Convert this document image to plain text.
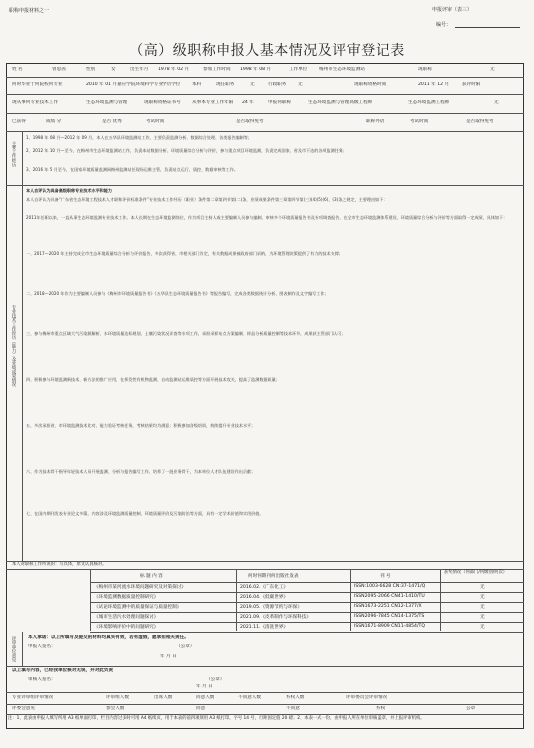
职称申报材料之一	申报评审（表三）
编号：
（高）级职称申报人基本情况及评审登记表
姓 名	曾思茜	性别	女	出生年月 1978 年 02 月	参加工作时间 1998 年 08 月	工作单位	梅州市生态环境监测站	现职称	无
何时毕业于何院校何专业	2010 年 01 月嘉应学院环境科学专业
学历学位	本科	现任职务	无	行政职务	无	现职称资格时间	2011 年 12 月	获评时限
现从事何专业技术工作	生态环境监测与管理	现职称资格证书号 从事本专业工作年限 24 年	申报何职称	生态环境监测与管理高级工程师	生态环境监测工程师	无
已获得	成绩 分	是否 优秀	考试时间	是否取得免考	职称外语	考试时间	是否取得免考
主要工作经历
1、1998 年 08 月—2012 年 09 月，本人在五华县环境监测站工作，主要负责监测分析、数据综合处理、各类报告编制等；
2、2012 年 10 月—至今，在梅州市生态环境监测站工作，负责本站数据分析、环境质量综合分析与评价，参与重点项目环境监测，负责完成国家、省及市下达的各项监测任务；
3、2016 年 5 月至今，在国家环境质量监测网梅州监测站任现场运维主管，负责站点运行、质控、数据审核等工作。
专业技术工作经历（能力）及业绩成果情况
本人自评认为具备高级职称专业技术水平和能力
本人自评认为具备“广东省生态环境工程技术人才职称评价标准条件”专业技术工作经历（职业）条件第二章第四节第(二)条，业绩成果条件第三章第四节第(三)(4)(5)(6)、(3)条之规定，主要理由如下：
2011年任职以来，一直从事生态环境监测专业技术工作。本人长期在生态环境监测岗位，作为项目主持人或主要编制人员参与编制、审核多个环境质量报告书及专项调查报告，在全市生态环境监测体系建设、环境质量综合分析与评价等方面取得一定成绩，具体如下：
一、2017—2020 年主持完成全市生态环境质量综合分析与评价报告，多次获得省、市相关部门肯定，有关数据成果被政府部门采纳，为环境管理决策提供了有力的技术支撑；
二、2018—2020 年作为主要编制人员参与《梅州市环境质量报告书》《五华县生态环境质量报告书》等报告编写，完成各类数据统计分析、图表制作及文字编写工作；
三、参与梅州市重点区域大气污染源解析、水环境质量达标规划、土壤污染状况详查等专项工作，承担采样布点方案编制、样品分析质量控制等技术环节，成果获主管部门认可；
四、积极参与环境监测新技术、新方法的推广应用，在挥发性有机物监测、自动监测站运维质控等方面开展技术攻关，提高了监测数据质量；
五、多次承担省、市环境监测技术比对、能力验证考核任务，考核结果均为满意；积极参加各级培训，持续提升专业技术水平；
六、作为技术骨干指导年轻技术人员开展监测、分析与报告编写工作，培养了一批业务骨干，为本单位人才队伍建设作出贡献；
七、在国内期刊发表专业论文多篇，内容涉及环境监测质量控制、环境质量评价及污染防治等方面，具有一定学术价值和实用价值。
本人对职称工作所说的：写具体，原文认真核对。
标 题 内 容	何时何期刊何出版社发表	刊 号
获奖情况（何部门/何级别/何次）
《梅州市某河流水环境问题研究及对策探讨》	2016.02.《广东化工》	ISSN:1003-6628 CN:37-1471/Q	无
《环境监测数据质量控制研究》	2016.04.《低碳世界》	ISSN2095-2066 CN41-1410/TU	无
《试论环境监测中的质量保证与质量控制》	2019.05.《资源节约与环保》	ISSN1673-2251 CN12-1377/X	无
《城市生活污水处理问题探讨》	2021.09.《皮革制作与环保科技》	ISSN2096-7845 CN14-1375/TS	无
《环境影响评价中的问题研究》	2021.11.《清洗世界》	ISSN1671-8909 CN11-4854/TQ	无
评审单位意见	本人承诺：以上所填写及提交的材料均真实有效，若有虚假，愿承担相关责任。
申报人签名：	（公章）
年 月 日
以上填写内容，已经我单位核对无误，并对此负责
审核人签名：	（公章）
年 月 日
专业评审组评审情况	评审组人数	出席人数	同意人数	不同意人数	弃权人数	评审委员会评审情况
评委会意见	参会人数	同意	不同意	弃权	公章
注：1、此表由申报人填写所用 A3 纸单面打印，栏目内容过多时可用 A4 纸续页，用于本表的前四项须用 A3 纸打印，字号 14 号，行距固定值 20 磅；2、本表一式一份，由申报人所在单位审核盖章，并上报评审机构。
